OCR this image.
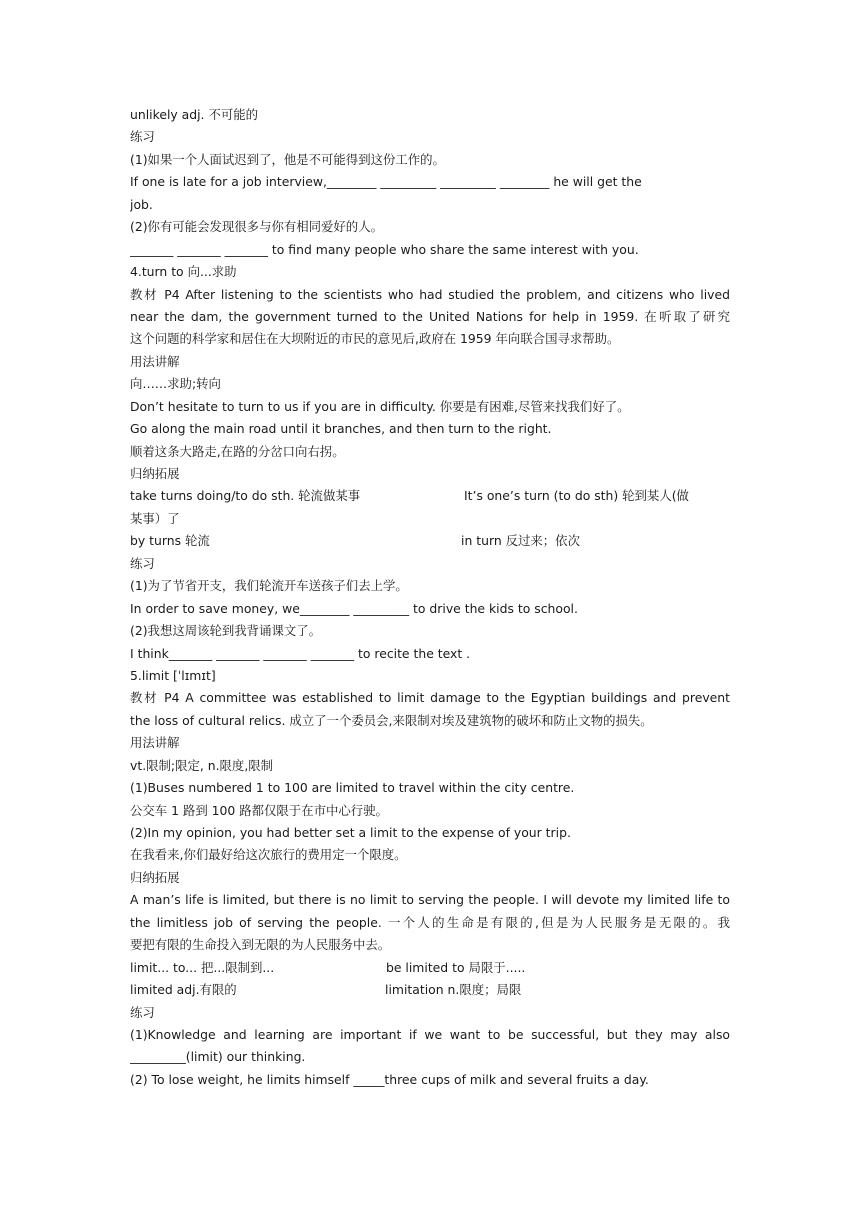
unlikely adj. 不可能的
练习
(1)如果一个人面试迟到了，他是不可能得到这份工作的。
If one is late for a job interview,________ _________ _________ ________ he will get the
job.
(2)你有可能会发现很多与你有相同爱好的人。
_______ _______ _______ to find many people who share the same interest with you.
4.turn to 向...求助
教材 P4 After listening to the scientists who had studied the problem, and citizens who lived
near the dam, the government turned to the United Nations for help in 1959. 在听取了研究
这个问题的科学家和居住在大坝附近的市民的意见后,政府在 1959 年向联合国寻求帮助。
用法讲解
向……求助;转向
Don’t hesitate to turn to us if you are in difficulty. 你要是有困难,尽管来找我们好了。
Go along the main road until it branches, and then turn to the right.
顺着这条大路走,在路的分岔口向右拐。
归纳拓展
take turns doing/to do sth. 轮流做某事	It’s one’s turn (to do sth) 轮到某人(做
某事）了
by turns 轮流	in turn 反过来；依次
练习
(1)为了节省开支，我们轮流开车送孩子们去上学。
In order to save money, we________ _________ to drive the kids to school.
(2)我想这周该轮到我背诵课文了。
I think_______ _______ _______ _______ to recite the text .
5.limit [ˈlɪmɪt]
教材 P4 A committee was established to limit damage to the Egyptian buildings and prevent
the loss of cultural relics. 成立了一个委员会,来限制对埃及建筑物的破坏和防止文物的损失。
用法讲解
vt.限制;限定, n.限度,限制
(1)Buses numbered 1 to 100 are limited to travel within the city centre.
公交车 1 路到 100 路都仅限于在市中心行驶。
(2)In my opinion, you had better set a limit to the expense of your trip.
在我看来,你们最好给这次旅行的费用定一个限度。
归纳拓展
A man’s life is limited, but there is no limit to serving the people. I will devote my limited life to
the limitless job of serving the people. 一个人的生命是有限的,但是为人民服务是无限的。我
要把有限的生命投入到无限的为人民服务中去。
limit... to... 把...限制到...	be limited to 局限于.....
limited adj.有限的	limitation n.限度；局限
练习
(1)Knowledge and learning are important if we want to be successful, but they may also
_________(limit) our thinking.
(2) To lose weight, he limits himself _____three cups of milk and several fruits a day.
